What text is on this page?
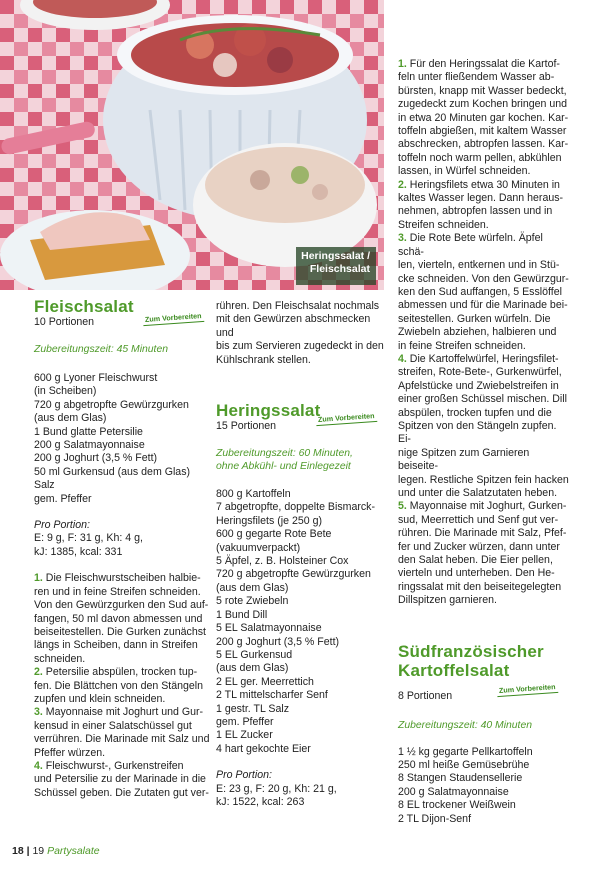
Heringssalat /
Fleischsalat
Fleischsalat
10 Portionen
Zubereitungszeit: 45 Minuten

600 g Lyoner Fleischwurst

(in Scheiben)

720 g abgetropfte Gewürzgurken

(aus dem Glas)

1 Bund glatte Petersilie

200 g Salatmayonnaise

200 g Joghurt (3,5 % Fett)

50 ml Gurkensud (aus dem Glas)

Salz

gem. Pfeffer

Pro Portion:

E: 9 g, F: 31 g, Kh: 4 g,

kJ: 1385, kcal: 331

1. Die Fleischwurstscheiben halbie-

ren und in feine Streifen schneiden.

Von den Gewürzgurken den Sud auf-

fangen, 50 ml davon abmessen und

beiseitestellen. Die Gurken zunächst

längs in Scheiben, dann in Streifen

schneiden.

2. Petersilie abspülen, trocken tup-

fen. Die Blättchen von den Stängeln

zupfen und klein schneiden.

3. Mayonnaise mit Joghurt und Gur-

kensud in einer Salatschüssel gut

verrühren. Die Marinade mit Salz und

Pfeffer würzen.

4. Fleischwurst-, Gurkenstreifen

und Petersilie zu der Marinade in die

Schüssel geben. Die Zutaten gut ver-

Zum Vorbereiten

rühren. Den Fleischsalat nochmals

mit den Gewürzen abschmecken und

bis zum Servieren zugedeckt in den

Kühlschrank stellen.

Heringssalat
15 Portionen
Zubereitungszeit: 60 Minuten,
ohne Abkühl- und Einlegezeit

800 g Kartoffeln

7 abgetropfte, doppelte Bismarck-

Heringsfilets (je 250 g)

600 g gegarte Rote Bete

(vakuumverpackt)

5 Äpfel, z. B. Holsteiner Cox

720 g abgetropfte Gewürzgurken

(aus dem Glas)

5 rote Zwiebeln

1 Bund Dill

5 EL Salatmayonnaise

200 g Joghurt (3,5 % Fett)

5 EL Gurkensud

(aus dem Glas)

2 EL ger. Meerrettich

2 TL mittelscharfer Senf

1 gestr. TL Salz

gem. Pfeffer

1 EL Zucker

4 hart gekochte Eier

Pro Portion:

E: 23 g, F: 20 g, Kh: 21 g,

kJ: 1522, kcal: 263

Zum Vorbereiten

1. Für den Heringssalat die Kartof-

feln unter fließendem Wasser ab-

bürsten, knapp mit Wasser bedeckt,

zugedeckt zum Kochen bringen und

in etwa 20 Minuten gar kochen. Kar-

toffeln abgießen, mit kaltem Wasser

abschrecken, abtropfen lassen. Kar-

toffeln noch warm pellen, abkühlen

lassen, in Würfel schneiden.

2. Heringsfilets etwa 30 Minuten in

kaltes Wasser legen. Dann heraus-

nehmen, abtropfen lassen und in

Streifen schneiden.

3. Die Rote Bete würfeln. Äpfel schä-

len, vierteln, entkernen und in Stü-

cke schneiden. Von den Gewürzgur-

ken den Sud auffangen, 5 Esslöffel

abmessen und für die Marinade bei-

seitestellen. Gurken würfeln. Die

Zwiebeln abziehen, halbieren und

in feine Streifen schneiden.

4. Die Kartoffelwürfel, Heringsfilet-

streifen, Rote-Bete-, Gurkenwürfel,

Apfelstücke und Zwiebelstreifen in

einer großen Schüssel mischen. Dill

abspülen, trocken tupfen und die

Spitzen von den Stängeln zupfen. Ei-

nige Spitzen zum Garnieren beiseite-

legen. Restliche Spitzen fein hacken

und unter die Salatzutaten heben.

5. Mayonnaise mit Joghurt, Gurken-

sud, Meerrettich und Senf gut ver-

rühren. Die Marinade mit Salz, Pfef-

fer und Zucker würzen, dann unter

den Salat heben. Die Eier pellen,

vierteln und unterheben. Den He-

ringssalat mit den beiseitegelegten

Dillspitzen garnieren.

Südfranzösischer
Kartoffelsalat
8 Portionen
Zubereitungszeit: 40 Minuten

1 ½ kg gegarte Pellkartoffeln

250 ml heiße Gemüsebrühe

8 Stangen Staudensellerie

200 g Salatmayonnaise

8 EL trockener Weißwein

2 TL Dijon-Senf

Zum Vorbereiten
18 | 19 Partysalate
